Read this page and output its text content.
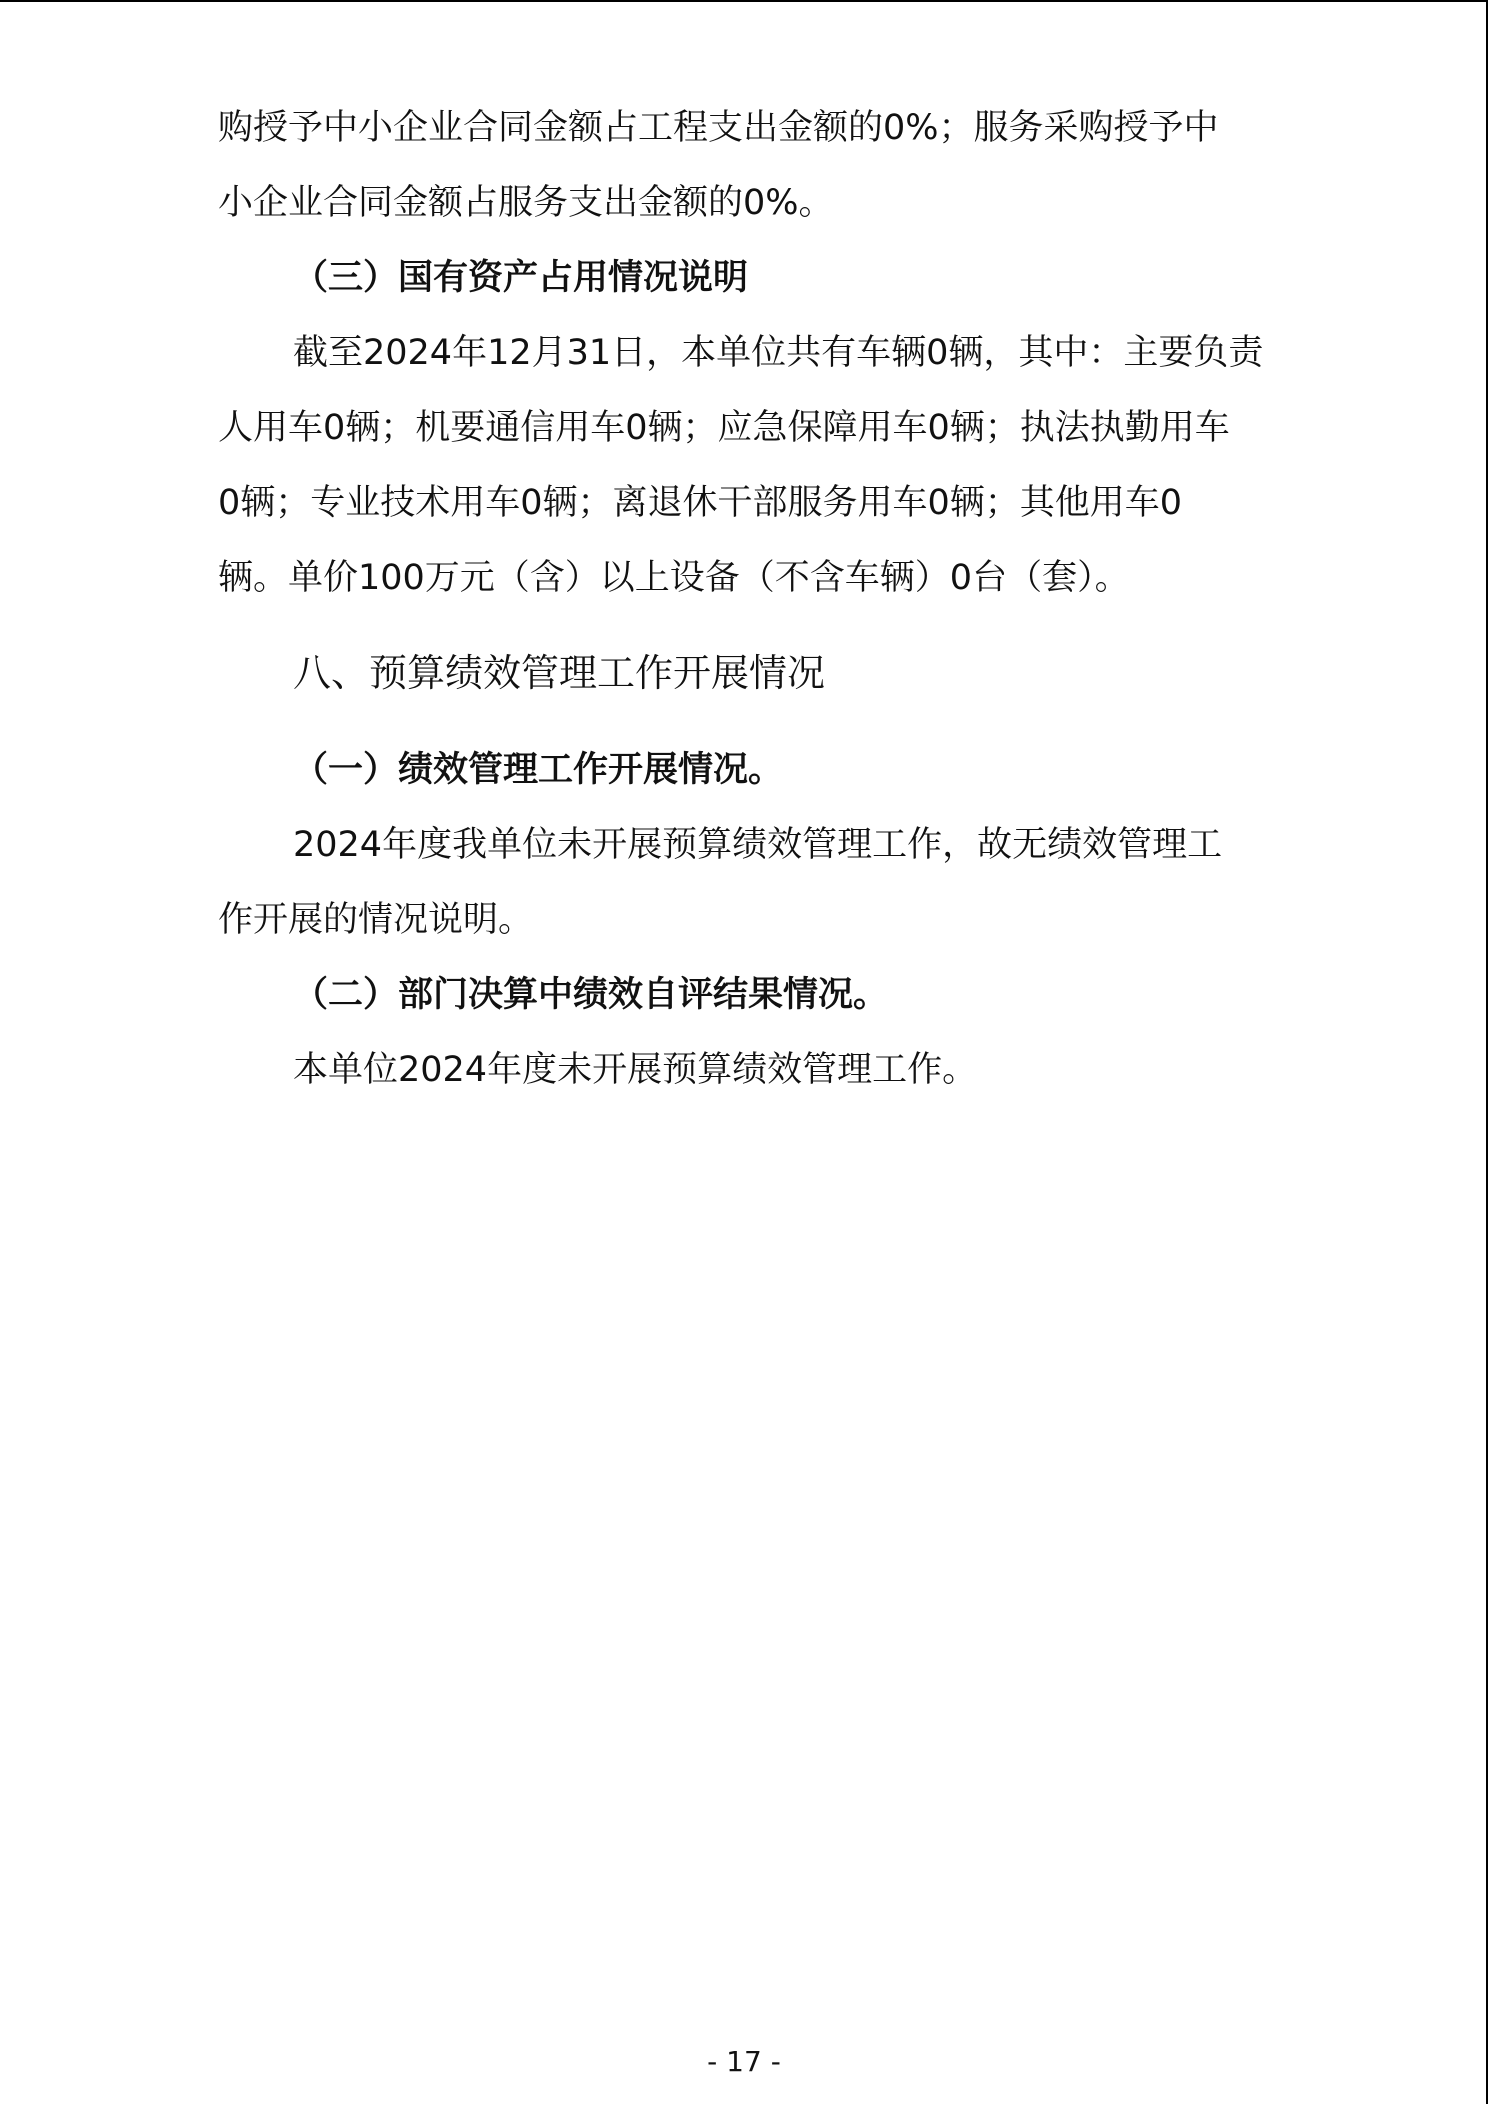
购授予中小企业合同金额占工程支出金额的0%；服务采购授予中
小企业合同金额占服务支出金额的0%。
（三）国有资产占用情况说明
截至2024年12月31日，本单位共有车辆0辆，其中：主要负责
人用车0辆；机要通信用车0辆；应急保障用车0辆；执法执勤用车
0辆；专业技术用车0辆；离退休干部服务用车0辆；其他用车0
辆。单价100万元（含）以上设备（不含车辆）0台（套）。
八、预算绩效管理工作开展情况
（一）绩效管理工作开展情况。
2024年度我单位未开展预算绩效管理工作，故无绩效管理工
作开展的情况说明。
（二）部门决算中绩效自评结果情况。
本单位2024年度未开展预算绩效管理工作。
- 17 -
